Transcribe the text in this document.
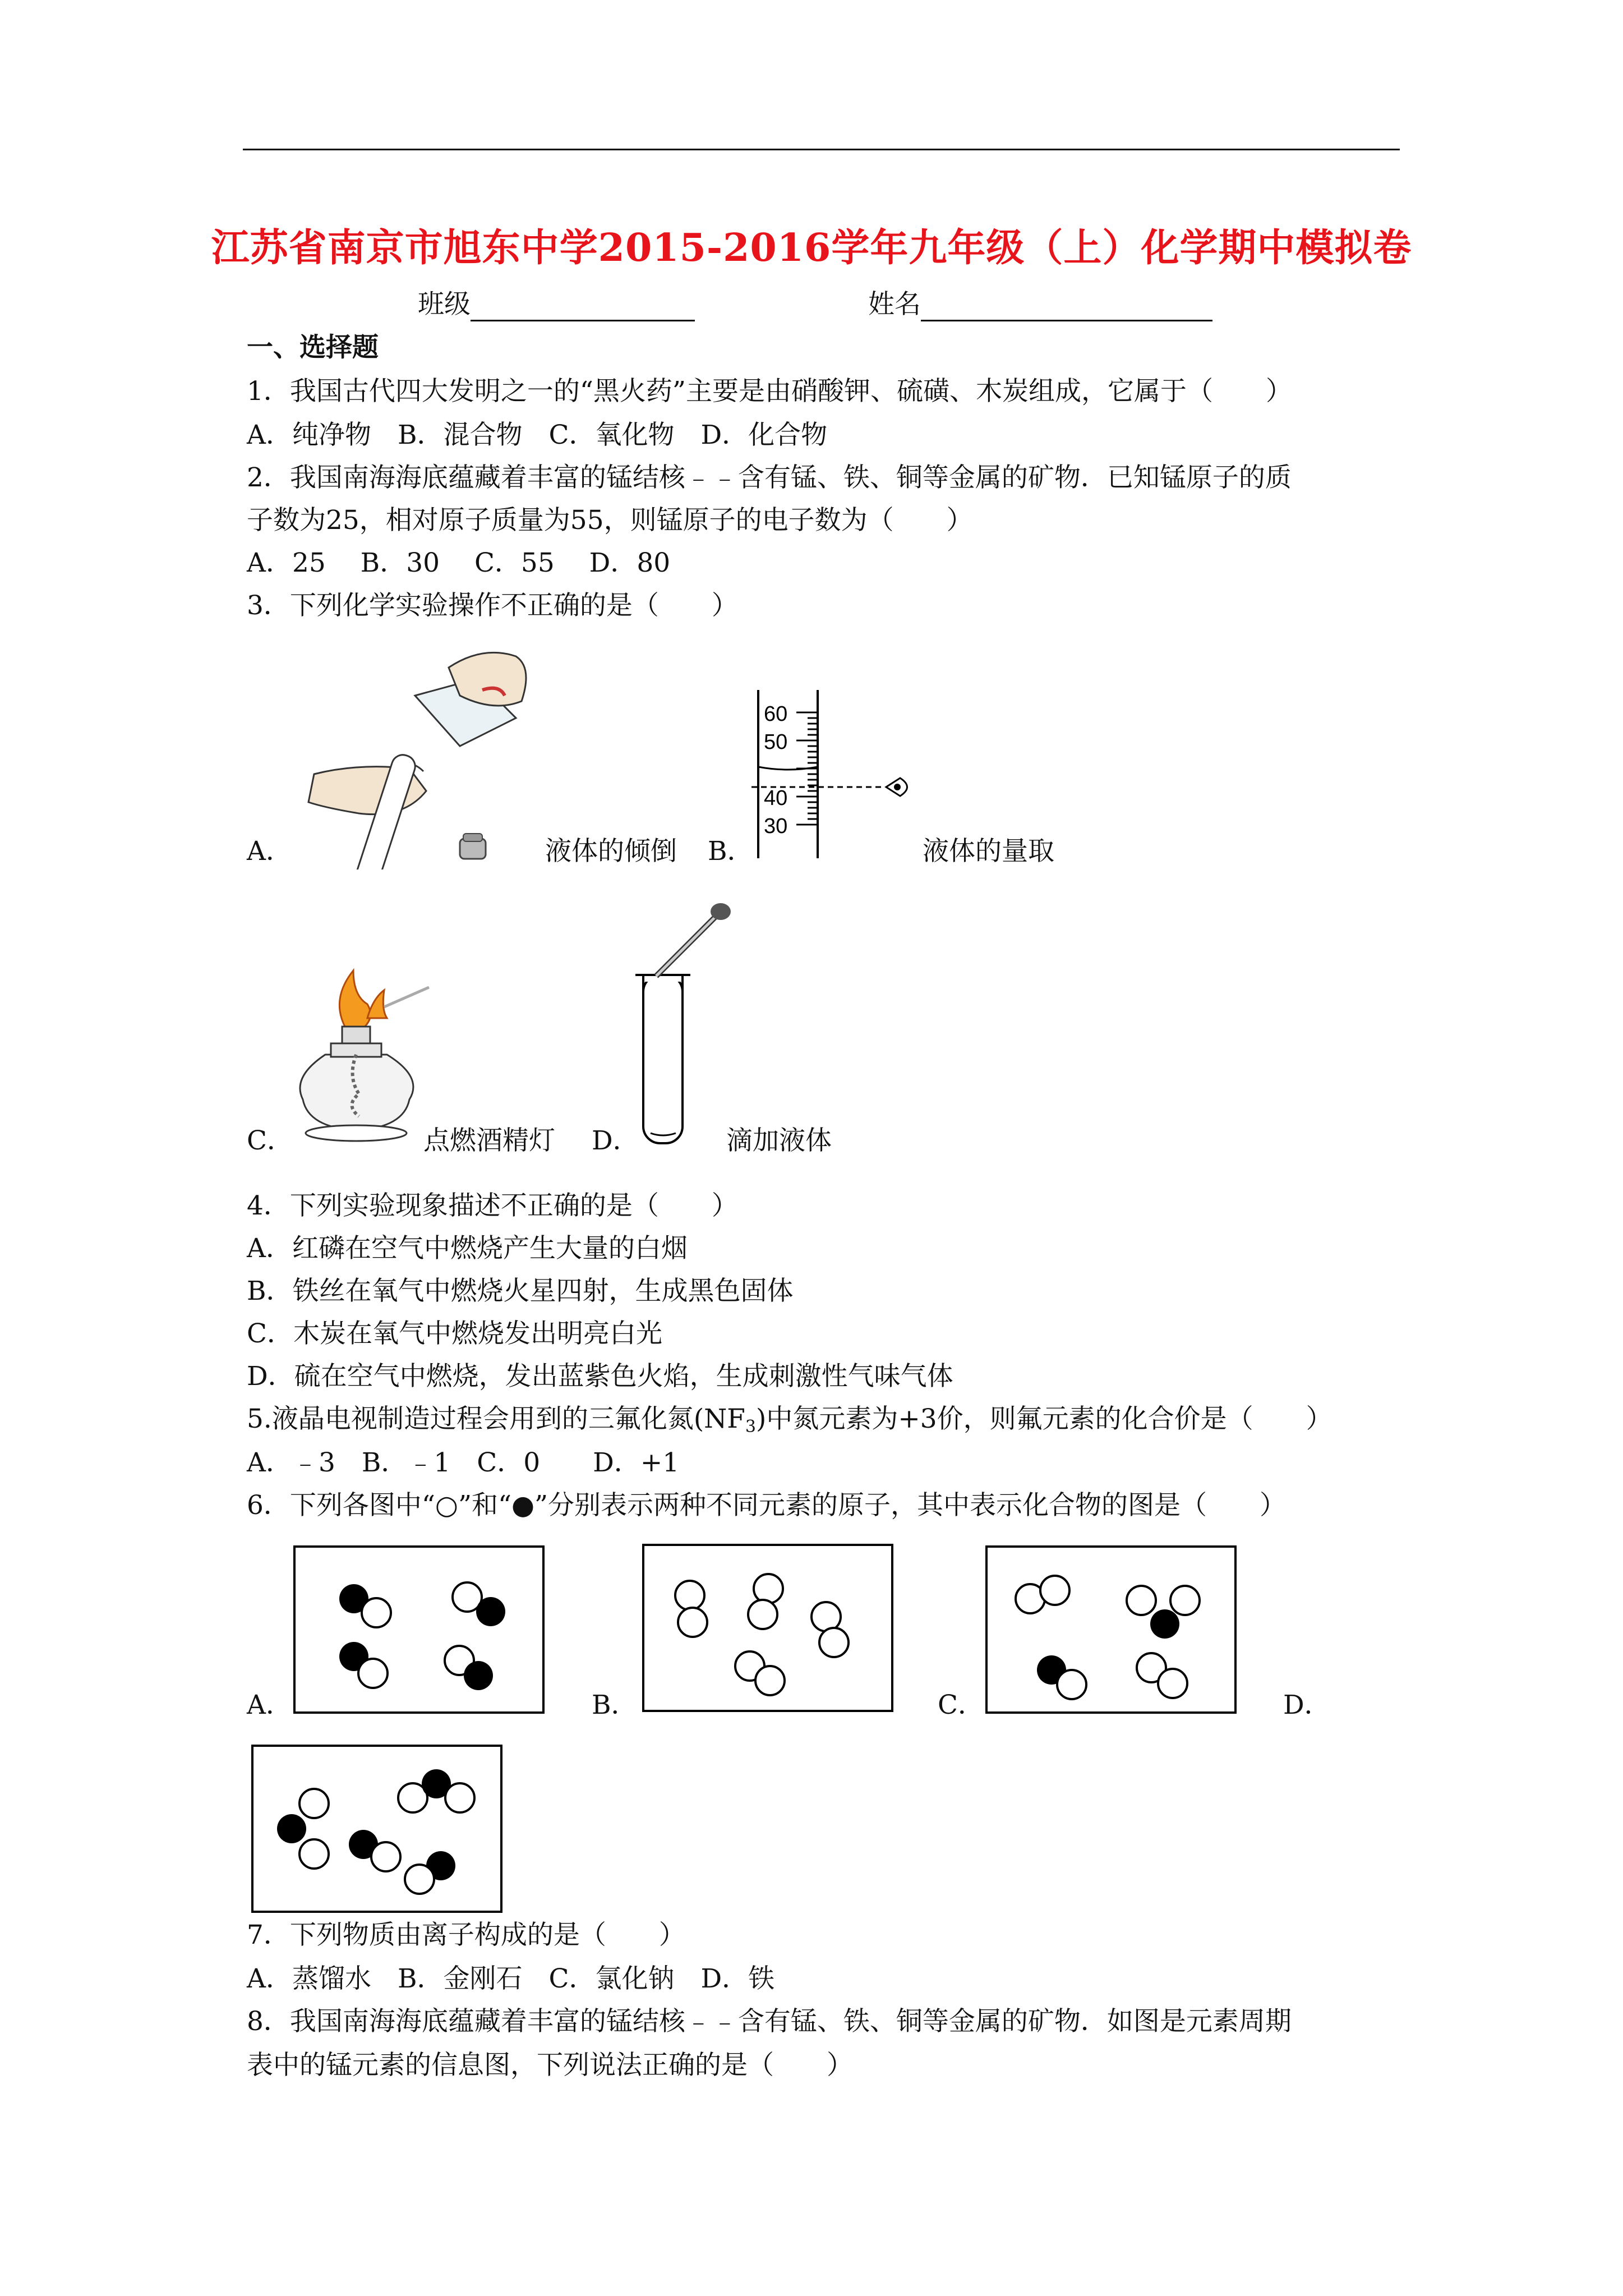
江苏省南京市旭东中学2015-2016学年九年级（上）化学期中模拟卷
班级	姓名
一、选择题
1．我国古代四大发明之一的“黑火药”主要是由硝酸钾、硫磺、木炭组成，它属于（　　）
A．纯净物　B．混合物　C．氧化物　D．化合物
2．我国南海海底蕴藏着丰富的锰结核﹣﹣含有锰、铁、铜等金属的矿物．已知锰原子的质
子数为25，相对原子质量为55，则锰原子的电子数为（　　）
A．25　 B．30　 C．55　 D．80
3．下列化学实验操作不正确的是（　　）
A．	液体的倾倒 B．
60
50
40
30
液体的量取
C．	点燃酒精灯 D．	滴加液体
4．下列实验现象描述不正确的是（　　）
A．红磷在空气中燃烧产生大量的白烟
B．铁丝在氧气中燃烧火星四射，生成黑色固体
C．木炭在氧气中燃烧发出明亮白光
D．硫在空气中燃烧，发出蓝紫色火焰，生成刺激性气味气体
5.液晶电视制造过程会用到的三氟化氮$(NF_3)$中氮元素为+3价，则氟元素的化合价是（　　）
A．﹣3　B．﹣1　C．0　　D．+1
6．下列各图中“○”和“●”分别表示两种不同元素的原子，其中表示化合物的图是（　　）
A．	B．	C．	D．
7．下列物质由离子构成的是（　　）
A．蒸馏水　B．金刚石　C．氯化钠　D．铁
8．我国南海海底蕴藏着丰富的锰结核﹣﹣含有锰、铁、铜等金属的矿物．如图是元素周期
表中的锰元素的信息图，下列说法正确的是（　　）
